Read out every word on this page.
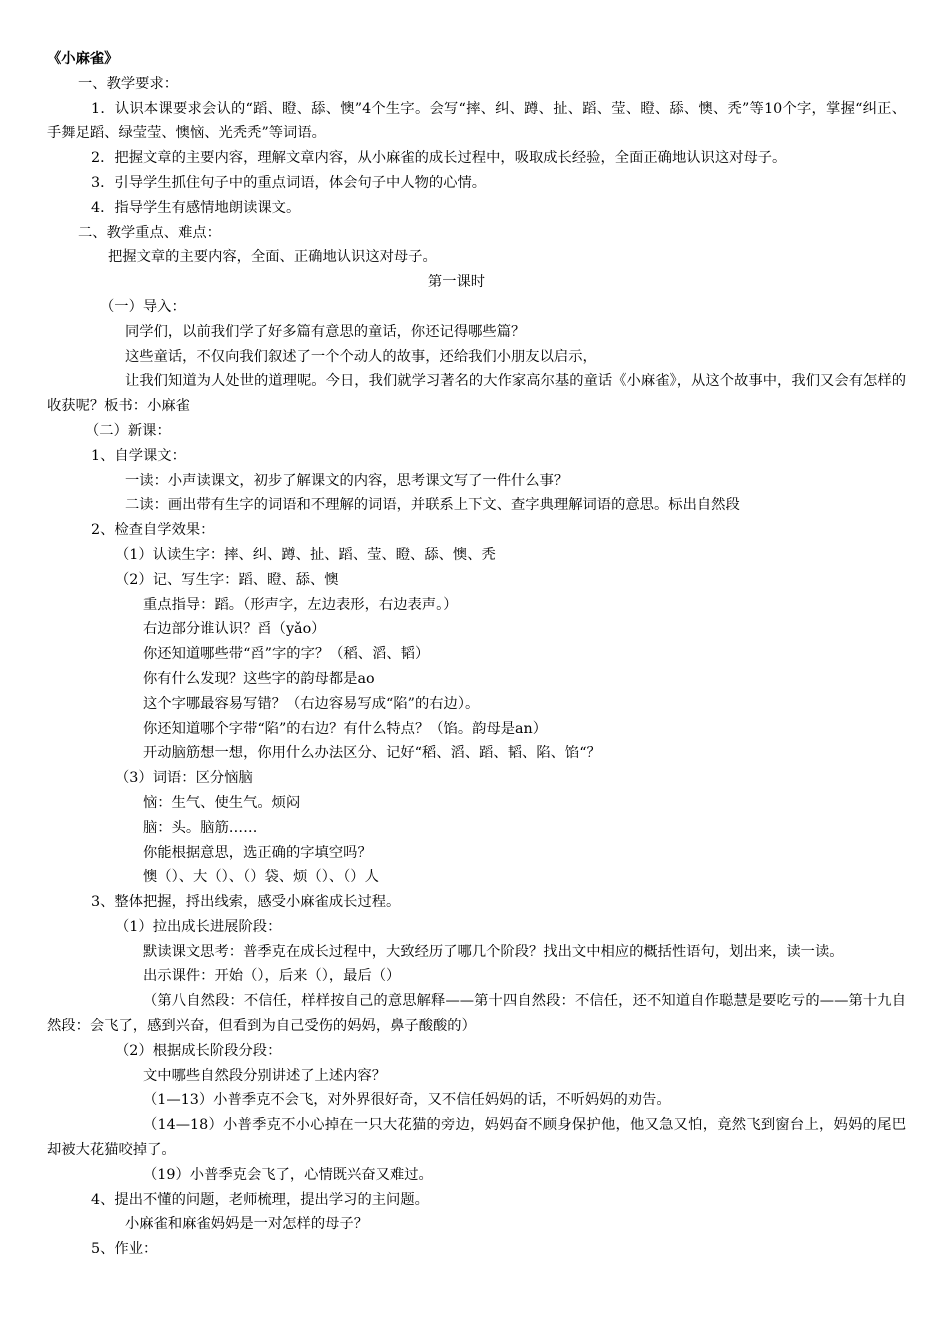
《小麻雀》
一、教学要求：
1．认识本课要求会认的“蹈、瞪、舔、懊”4个生字。会写“摔、纠、蹲、扯、蹈、莹、瞪、舔、懊、秃”等10个字，掌握“纠正、手舞足蹈、绿莹莹、懊恼、光秃秃”等词语。
2．把握文章的主要内容，理解文章内容，从小麻雀的成长过程中，吸取成长经验，全面正确地认识这对母子。
3．引导学生抓住句子中的重点词语，体会句子中人物的心情。
4．指导学生有感情地朗读课文。
二、教学重点、难点：
把握文章的主要内容，全面、正确地认识这对母子。
第一课时
（一）导入：
同学们，以前我们学了好多篇有意思的童话，你还记得哪些篇？
这些童话，不仅向我们叙述了一个个动人的故事，还给我们小朋友以启示，
让我们知道为人处世的道理呢。今日，我们就学习著名的大作家高尔基的童话《小麻雀》，从这个故事中，我们又会有怎样的收获呢？板书：小麻雀
（二）新课：
1、自学课文：
一读：小声读课文，初步了解课文的内容，思考课文写了一件什么事？
二读：画出带有生字的词语和不理解的词语，并联系上下文、查字典理解词语的意思。标出自然段
2、检查自学效果：
（1）认读生字：摔、纠、蹲、扯、蹈、莹、瞪、舔、懊、秃
（2）记、写生字：蹈、瞪、舔、懊
重点指导：蹈。（形声字，左边表形，右边表声。）
右边部分谁认识？舀（yǎo）
你还知道哪些带“舀”字的字？（稻、滔、韬）
你有什么发现？这些字的韵母都是ao
这个字哪最容易写错？（右边容易写成“陷”的右边）。
你还知道哪个字带“陷”的右边？有什么特点？（馅。韵母是an）
开动脑筋想一想，你用什么办法区分、记好“稻、滔、蹈、韬、陷、馅“？
（3）词语：区分恼脑
恼：生气、使生气。烦闷
脑：头。脑筋……
你能根据意思，选正确的字填空吗？
懊（）、大（）、（）袋、烦（）、（）人
3、整体把握，捋出线索，感受小麻雀成长过程。
（1）拉出成长进展阶段：
默读课文思考：普季克在成长过程中，大致经历了哪几个阶段？找出文中相应的概括性语句，划出来，读一读。
出示课件：开始（），后来（），最后（）
（第八自然段：不信任，样样按自己的意思解释——第十四自然段：不信任，还不知道自作聪慧是要吃亏的——第十九自然段：会飞了，感到兴奋，但看到为自己受伤的妈妈，鼻子酸酸的）
（2）根据成长阶段分段：
文中哪些自然段分别讲述了上述内容？
（1—13）小普季克不会飞，对外界很好奇，又不信任妈妈的话，不听妈妈的劝告。
（14—18）小普季克不小心掉在一只大花猫的旁边，妈妈奋不顾身保护他，他又急又怕，竟然飞到窗台上，妈妈的尾巴却被大花猫咬掉了。
（19）小普季克会飞了，心情既兴奋又难过。
4、提出不懂的问题，老师梳理，提出学习的主问题。
小麻雀和麻雀妈妈是一对怎样的母子？
5、作业：
